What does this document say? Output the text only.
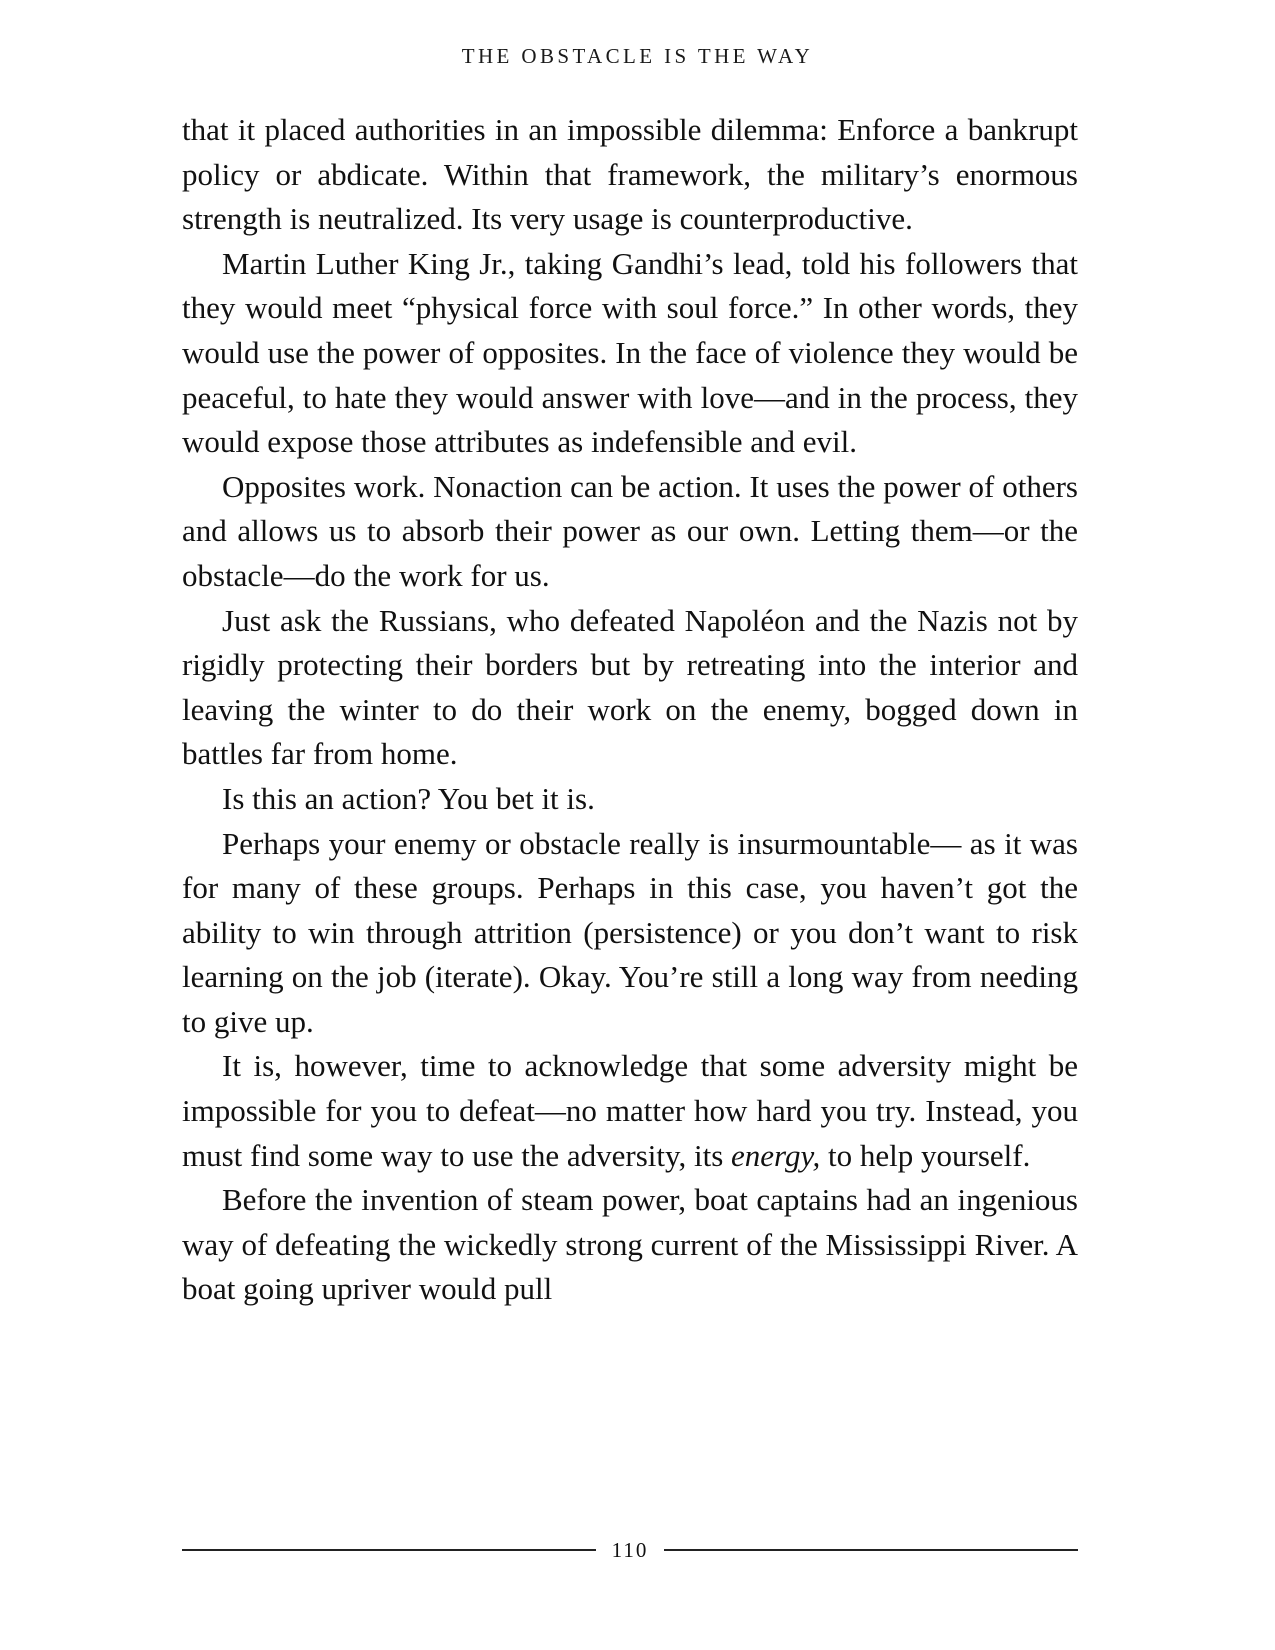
THE OBSTACLE IS THE WAY

that it placed authorities in an impossible dilemma: Enforce a bankrupt policy or abdicate. Within that framework, the military’s enormous strength is neutralized. Its very usage is counterproductive.

Martin Luther King Jr., taking Gandhi’s lead, told his followers that they would meet “physical force with soul force.” In other words, they would use the power of opposites. In the face of violence they would be peaceful, to hate they would answer with love—and in the process, they would expose those attributes as indefensible and evil.

Opposites work. Nonaction can be action. It uses the power of others and allows us to absorb their power as our own. Letting them—or the obstacle—do the work for us.

Just ask the Russians, who defeated Napoléon and the Nazis not by rigidly protecting their borders but by retreating into the interior and leaving the winter to do their work on the enemy, bogged down in battles far from home.

Is this an action? You bet it is.

Perhaps your enemy or obstacle really is insurmountable— as it was for many of these groups. Perhaps in this case, you haven’t got the ability to win through attrition (persistence) or you don’t want to risk learning on the job (iterate). Okay. You’re still a long way from needing to give up.

It is, however, time to acknowledge that some adversity might be impossible for you to defeat—no matter how hard you try. Instead, you must find some way to use the adversity, its energy, to help yourself.

Before the invention of steam power, boat captains had an ingenious way of defeating the wickedly strong current of the Mississippi River. A boat going upriver would pull

110
